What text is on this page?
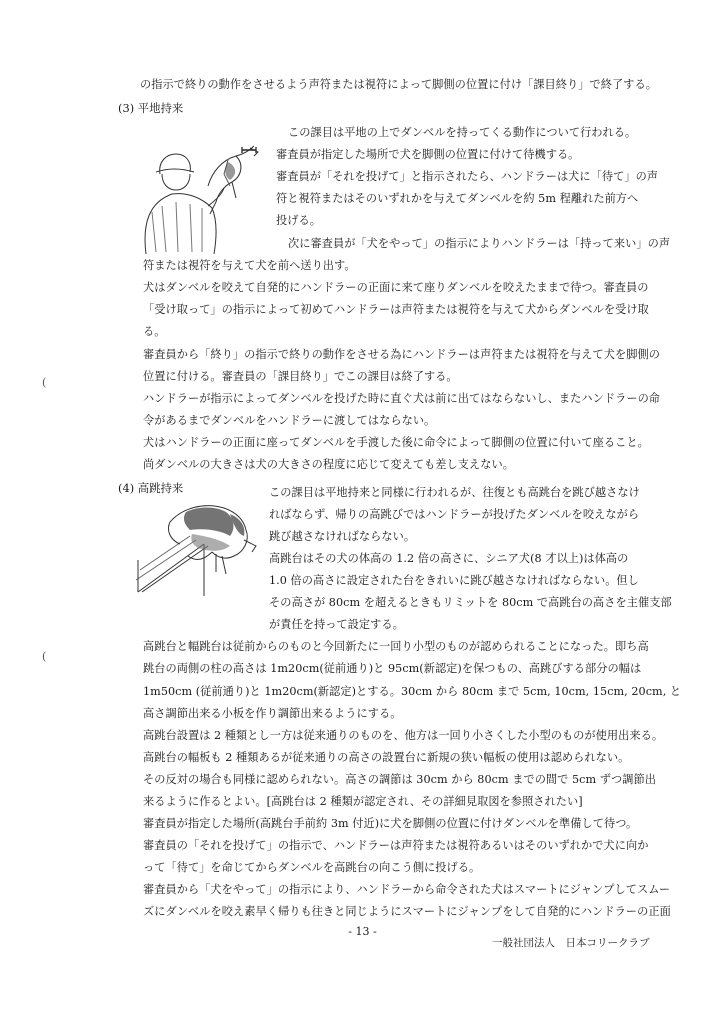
の指示で終りの動作をさせるよう声符または視符によって脚側の位置に付け「課目終り」で終了する。
(3) 平地持来
この課目は平地の上でダンベルを持ってくる動作について行われる。
審査員が指定した場所で犬を脚側の位置に付けて待機する。
審査員が「それを投げて」と指示されたら、ハンドラーは犬に「待て」の声
符と視符またはそのいずれかを与えてダンベルを約 5m 程離れた前方へ
投げる。
次に審査員が「犬をやって」の指示によりハンドラーは「持って来い」の声
符または視符を与えて犬を前へ送り出す。
犬はダンベルを咬えて自発的にハンドラーの正面に来て座りダンベルを咬えたままで待つ。審査員の
「受け取って」の指示によって初めてハンドラーは声符または視符を与えて犬からダンベルを受け取
る。
審査員から「終り」の指示で終りの動作をさせる為にハンドラーは声符または視符を与えて犬を脚側の
位置に付ける。審査員の「課目終り」でこの課目は終了する。
ハンドラーが指示によってダンベルを投げた時に直ぐ犬は前に出てはならないし、またハンドラーの命
令があるまでダンベルをハンドラーに渡してはならない。
犬はハンドラーの正面に座ってダンベルを手渡した後に命令によって脚側の位置に付いて座ること。
尚ダンベルの大きさは犬の大きさの程度に応じて変えても差し支えない。
(
(4) 高跳持来	この課目は平地持来と同様に行われるが、往復とも高跳台を跳び越さなけ
ればならず、帰りの高跳びではハンドラーが投げたダンベルを咬えながら
跳び越さなければならない。
高跳台はその犬の体高の 1.2 倍の高さに、シニア犬(8 才以上)は体高の
1.0 倍の高さに設定された台をきれいに跳び越さなければならない。但し
その高さが 80cm を超えるときもリミットを 80cm で高跳台の高さを主催支部
が責任を持って設定する。
高跳台と幅跳台は従前からのものと今回新たに一回り小型のものが認められることになった。即ち高
跳台の両側の柱の高さは 1m20cm(従前通り)と 95cm(新認定)を保つもの、高跳びする部分の幅は
1m50cm (従前通り)と 1m20cm(新認定)とする。30cm から 80cm まで 5cm, 10cm, 15cm, 20cm, と
高さ調節出来る小板を作り調節出来るようにする。
高跳台設置は 2 種類とし一方は従来通りのものを、他方は一回り小さくした小型のものが使用出来る。
高跳台の幅板も 2 種類あるが従来通りの高さの設置台に新規の狭い幅板の使用は認められない。
その反対の場合も同様に認められない。高さの調節は 30cm から 80cm までの間で 5cm ずつ調節出
来るように作るとよい。[高跳台は 2 種類が認定され、その詳細見取図を参照されたい]
審査員が指定した場所(高跳台手前約 3m 付近)に犬を脚側の位置に付けダンベルを準備して待つ。
審査員の「それを投げて」の指示で、ハンドラーは声符または視符あるいはそのいずれかで犬に向か
って「待て」を命じてからダンベルを高跳台の向こう側に投げる。
審査員から「犬をやって」の指示により、ハンドラーから命令された犬はスマートにジャンプしてスムー
ズにダンベルを咬え素早く帰りも往きと同じようにスマートにジャンプをして自発的にハンドラーの正面
(
- 13 -
一般社団法人　日本コリークラブ
